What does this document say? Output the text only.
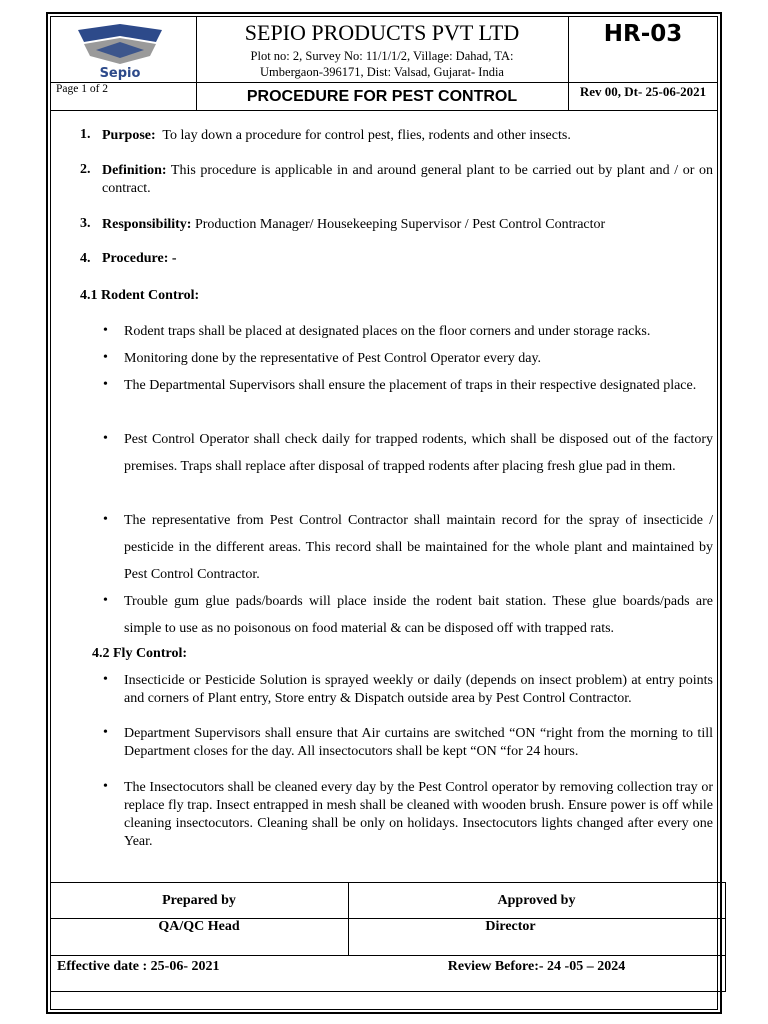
Sepio
SEPIO PRODUCTS PVT LTD
Plot no: 2, Survey No: 11/1/1/2, Village: Dahad, TA:
Umbergaon-396171, Dist: Valsad, Gujarat- India
HR-03
Page 1 of 2	PROCEDURE FOR PEST CONTROL	Rev 00, Dt- 25-06-2021
1. Purpose: To lay down a procedure for control pest, flies, rodents and other insects.
2. Definition: This procedure is applicable in and around general plant to be carried out by plant and / or on contract.
3. Responsibility: Production Manager/ Housekeeping Supervisor / Pest Control Contractor
4. Procedure: -
4.1 Rodent Control:
• Rodent traps shall be placed at designated places on the floor corners and under storage racks.
• Monitoring done by the representative of Pest Control Operator every day.
• The Departmental Supervisors shall ensure the placement of traps in their respective designated place.
• Pest Control Operator shall check daily for trapped rodents, which shall be disposed out of the factory premises. Traps shall replace after disposal of trapped rodents after placing fresh glue pad in them.
• The representative from Pest Control Contractor shall maintain record for the spray of insecticide / pesticide in the different areas. This record shall be maintained for the whole plant and maintained by Pest Control Contractor.
• Trouble gum glue pads/boards will place inside the rodent bait station. These glue boards/pads are simple to use as no poisonous on food material & can be disposed off with trapped rats.
4.2 Fly Control:
• Insecticide or Pesticide Solution is sprayed weekly or daily (depends on insect problem) at entry points and corners of Plant entry, Store entry & Dispatch outside area by Pest Control Contractor.
• Department Supervisors shall ensure that Air curtains are switched “ON “right from the morning to till Department closes for the day. All insectocutors shall be kept “ON “for 24 hours.
• The Insectocutors shall be cleaned every day by the Pest Control operator by removing collection tray or replace fly trap. Insect entrapped in mesh shall be cleaned with wooden brush. Ensure power is off while cleaning insectocutors. Cleaning shall be only on holidays. Insectocutors lights changed after every one Year.
Prepared by	Approved by
QA/QC Head	Director
Effective date : 25-06- 2021	Review Before:- 24 -05 – 2024
